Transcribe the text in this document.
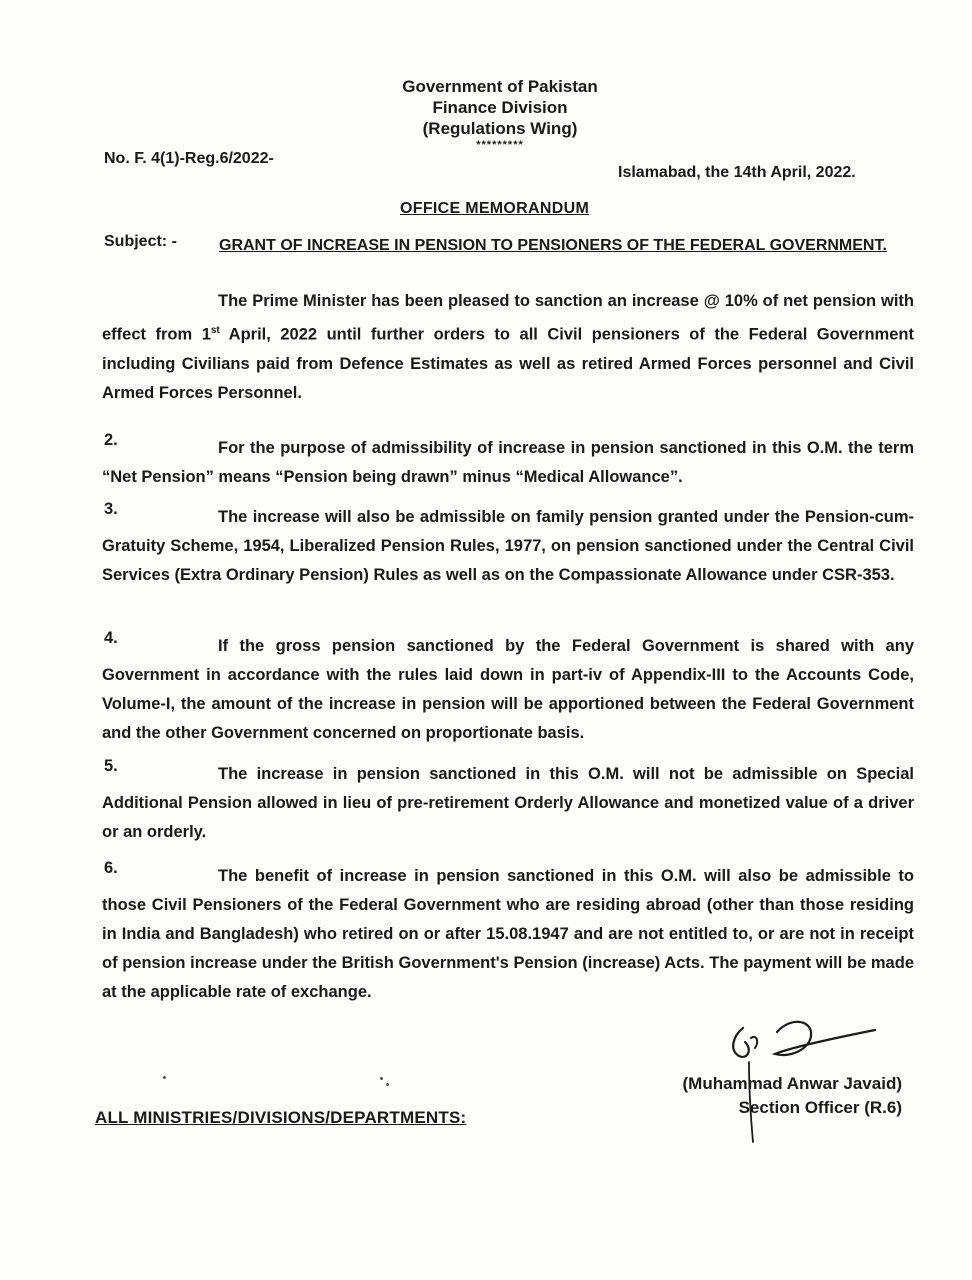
Government of Pakistan
Finance Division
(Regulations Wing)
*********
No. F. 4(1)-Reg.6/2022-
Islamabad, the 14th April, 2022.
OFFICE MEMORANDUM
Subject: -	GRANT OF INCREASE IN PENSION TO PENSIONERS OF THE FEDERAL GOVERNMENT.
The Prime Minister has been pleased to sanction an increase @ 10% of net pension with effect from 1st April, 2022 until further orders to all Civil pensioners of the Federal Government including Civilians paid from Defence Estimates as well as retired Armed Forces personnel and Civil Armed Forces Personnel.
2.	For the purpose of admissibility of increase in pension sanctioned in this O.M. the term “Net Pension” means “Pension being drawn” minus “Medical Allowance”.
3.	The increase will also be admissible on family pension granted under the Pension-cum-Gratuity Scheme, 1954, Liberalized Pension Rules, 1977, on pension sanctioned under the Central Civil Services (Extra Ordinary Pension) Rules as well as on the Compassionate Allowance under CSR-353.
4.	If the gross pension sanctioned by the Federal Government is shared with any Government in accordance with the rules laid down in part-iv of Appendix-III to the Accounts Code, Volume-I, the amount of the increase in pension will be apportioned between the Federal Government and the other Government concerned on proportionate basis.
5.	The increase in pension sanctioned in this O.M. will not be admissible on Special Additional Pension allowed in lieu of pre-retirement Orderly Allowance and monetized value of a driver or an orderly.
6.	The benefit of increase in pension sanctioned in this O.M. will also be admissible to those Civil Pensioners of the Federal Government who are residing abroad (other than those residing in India and Bangladesh) who retired on or after 15.08.1947 and are not entitled to, or are not in receipt of pension increase under the British Government's Pension (increase) Acts. The payment will be made at the applicable rate of exchange.
(Muhammad Anwar Javaid)
Section Officer (R.6)
ALL MINISTRIES/DIVISIONS/DEPARTMENTS:
